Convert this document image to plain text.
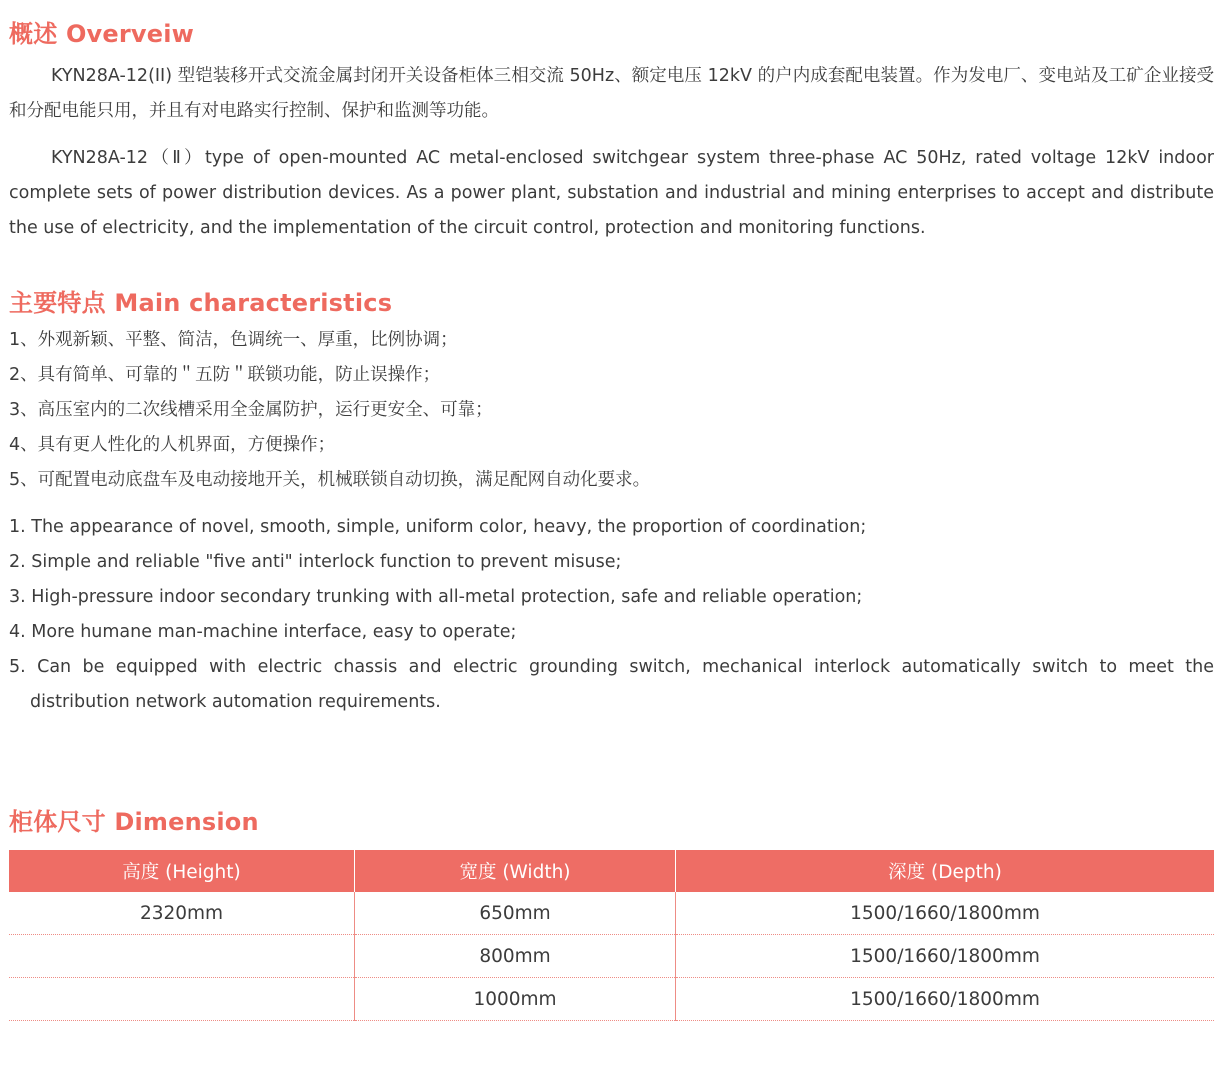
概述 Overveiw
KYN28A-12(II) 型铠装移开式交流金属封闭开关设备柜体三相交流 50Hz、额定电压 12kV 的户内成套配电装置。作为发电厂、变电站及工矿企业接受和分配电能只用，并且有对电路实行控制、保护和监测等功能。
KYN28A-12（Ⅱ）type of open-mounted AC metal-enclosed switchgear system three-phase AC 50Hz, rated voltage 12kV indoor complete sets of power distribution devices. As a power plant, substation and industrial and mining enterprises to accept and distribute the use of electricity, and the implementation of the circuit control, protection and monitoring functions.
主要特点 Main characteristics
1、外观新颖、平整、简洁，色调统一、厚重，比例协调；
2、具有简单、可靠的＂五防＂联锁功能，防止误操作；
3、高压室内的二次线槽采用全金属防护，运行更安全、可靠；
4、具有更人性化的人机界面，方便操作；
5、可配置电动底盘车及电动接地开关，机械联锁自动切换，满足配网自动化要求。
1. The appearance of novel, smooth, simple, uniform color, heavy, the proportion of coordination;
2. Simple and reliable "five anti" interlock function to prevent misuse;
3. High-pressure indoor secondary trunking with all-metal protection, safe and reliable operation;
4. More humane man-machine interface, easy to operate;
5. Can be equipped with electric chassis and electric grounding switch, mechanical interlock automatically switch to meet the
distribution network automation requirements.
柜体尺寸 Dimension
高度 (Height)	宽度 (Width)	深度 (Depth)
2320mm	650mm	1500/1660/1800mm
	800mm	1500/1660/1800mm
	1000mm	1500/1660/1800mm
